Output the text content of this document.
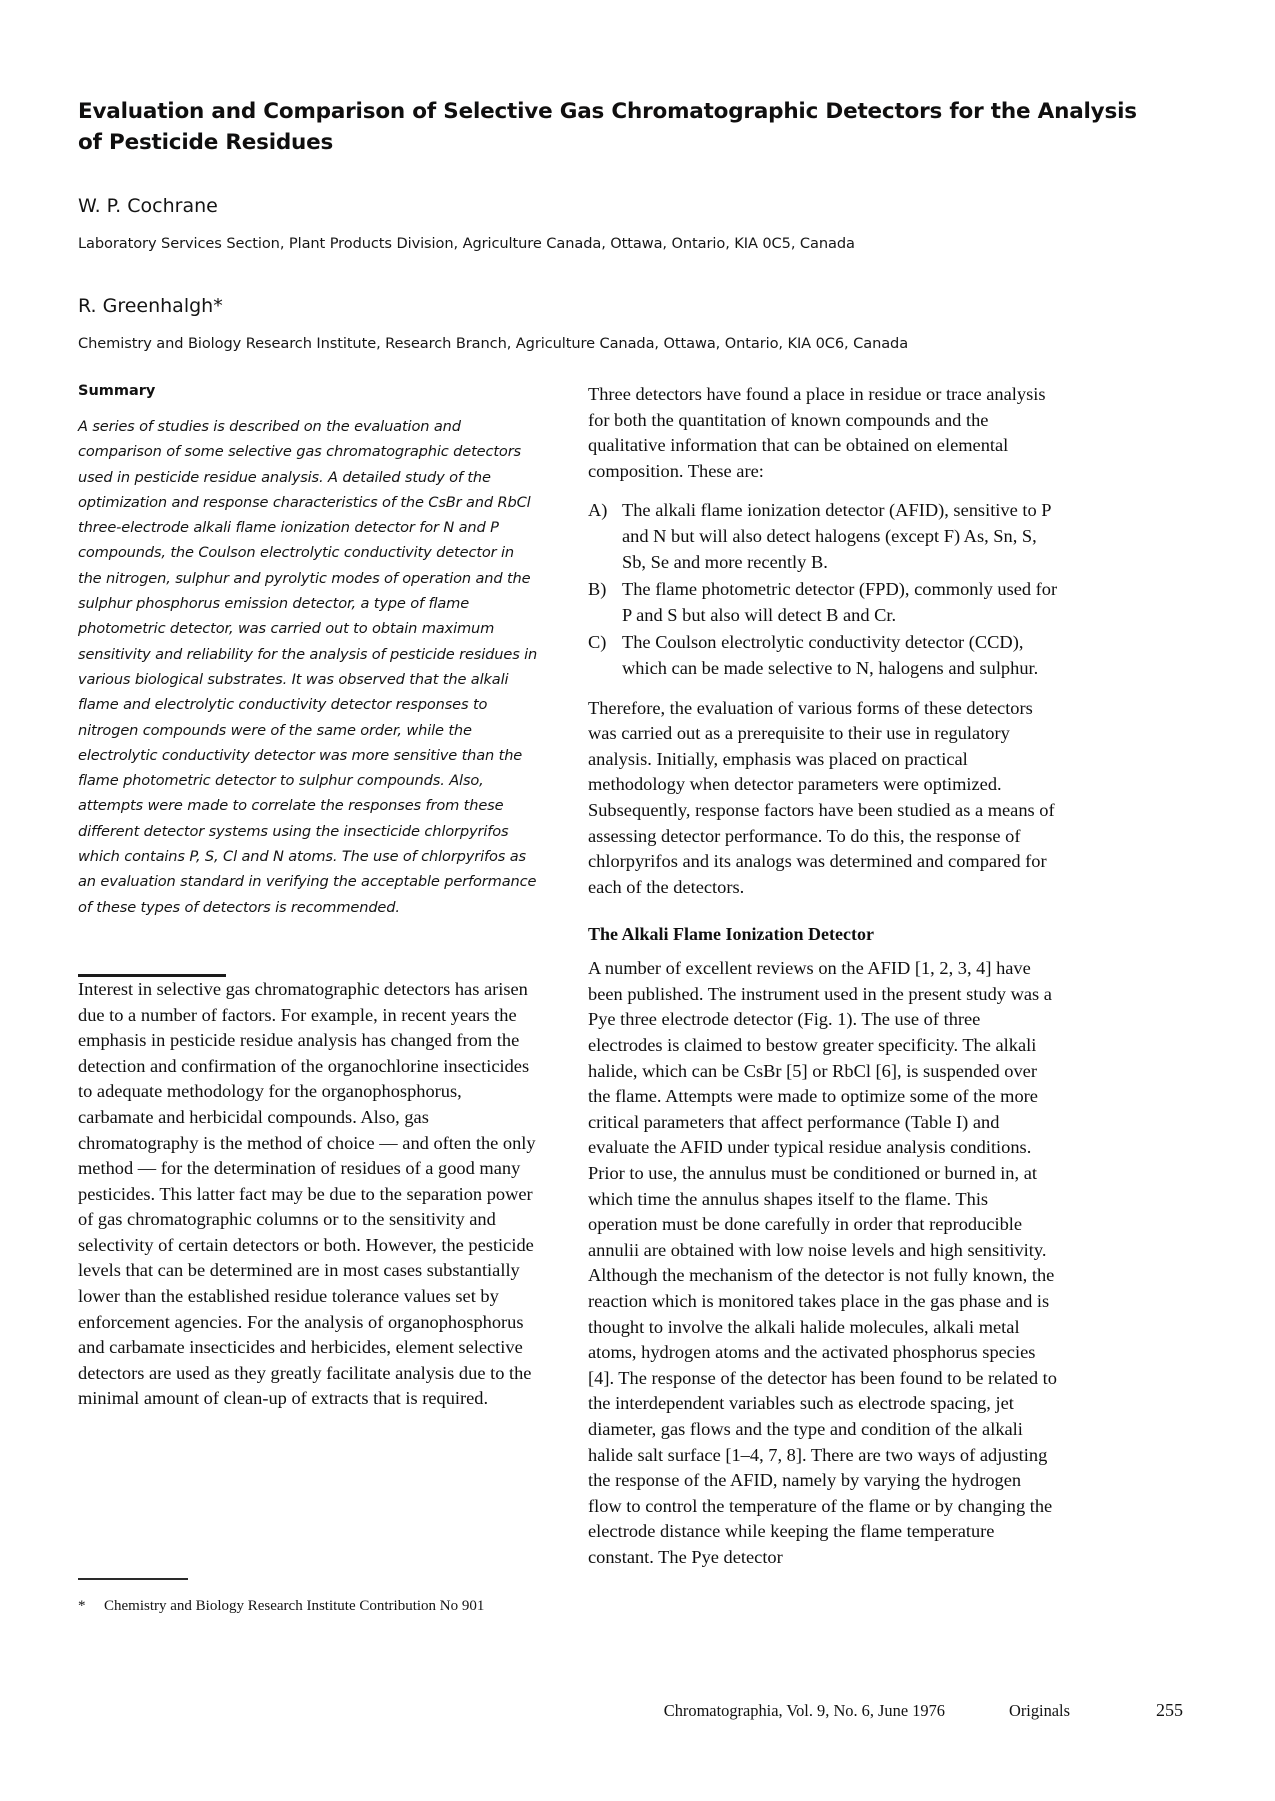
Evaluation and Comparison of Selective Gas Chromatographic Detectors for the Analysis of Pesticide Residues

W. P. Cochrane

Laboratory Services Section, Plant Products Division, Agriculture Canada, Ottawa, Ontario, KIA 0C5, Canada

R. Greenhalgh*

Chemistry and Biology Research Institute, Research Branch, Agriculture Canada, Ottawa, Ontario, KIA 0C6, Canada

Summary

A series of studies is described on the evaluation and comparison of some selective gas chromatographic detectors used in pesticide residue analysis. A detailed study of the optimization and response characteristics of the CsBr and RbCl three-electrode alkali flame ionization detector for N and P compounds, the Coulson electrolytic conductivity detector in the nitrogen, sulphur and pyrolytic modes of operation and the sulphur phosphorus emission detector, a type of flame photometric detector, was carried out to obtain maximum sensitivity and reliability for the analysis of pesticide residues in various biological substrates. It was observed that the alkali flame and electrolytic conductivity detector responses to nitrogen compounds were of the same order, while the electrolytic conductivity detector was more sensitive than the flame photometric detector to sulphur compounds. Also, attempts were made to correlate the responses from these different detector systems using the insecticide chlorpyrifos which contains P, S, Cl and N atoms. The use of chlorpyrifos as an evaluation standard in verifying the acceptable performance of these types of detectors is recommended.

Interest in selective gas chromatographic detectors has arisen due to a number of factors. For example, in recent years the emphasis in pesticide residue analysis has changed from the detection and confirmation of the organochlorine insecticides to adequate methodology for the organophosphorus, carbamate and herbicidal compounds. Also, gas chromatography is the method of choice — and often the only method — for the determination of residues of a good many pesticides. This latter fact may be due to the separation power of gas chromatographic columns or to the sensitivity and selectivity of certain detectors or both. However, the pesticide levels that can be determined are in most cases substantially lower than the established residue tolerance values set by enforcement agencies. For the analysis of organophosphorus and carbamate insecticides and herbicides, element selective detectors are used as they greatly facilitate analysis due to the minimal amount of clean-up of extracts that is required.

Three detectors have found a place in residue or trace analysis for both the quantitation of known compounds and the qualitative information that can be obtained on elemental composition. These are:

A) The alkali flame ionization detector (AFID), sensitive to P and N but will also detect halogens (except F) As, Sn, S, Sb, Se and more recently B.
B) The flame photometric detector (FPD), commonly used for P and S but also will detect B and Cr.
C) The Coulson electrolytic conductivity detector (CCD), which can be made selective to N, halogens and sulphur.

Therefore, the evaluation of various forms of these detectors was carried out as a prerequisite to their use in regulatory analysis. Initially, emphasis was placed on practical methodology when detector parameters were optimized. Subsequently, response factors have been studied as a means of assessing detector performance. To do this, the response of chlorpyrifos and its analogs was determined and compared for each of the detectors.

The Alkali Flame Ionization Detector

A number of excellent reviews on the AFID [1, 2, 3, 4] have been published. The instrument used in the present study was a Pye three electrode detector (Fig. 1). The use of three electrodes is claimed to bestow greater specificity. The alkali halide, which can be CsBr [5] or RbCl [6], is suspended over the flame. Attempts were made to optimize some of the more critical parameters that affect performance (Table I) and evaluate the AFID under typical residue analysis conditions. Prior to use, the annulus must be conditioned or burned in, at which time the annulus shapes itself to the flame. This operation must be done carefully in order that reproducible annulii are obtained with low noise levels and high sensitivity. Although the mechanism of the detector is not fully known, the reaction which is monitored takes place in the gas phase and is thought to involve the alkali halide molecules, alkali metal atoms, hydrogen atoms and the activated phosphorus species [4]. The response of the detector has been found to be related to the interdependent variables such as electrode spacing, jet diameter, gas flows and the type and condition of the alkali halide salt surface [1–4, 7, 8]. There are two ways of adjusting the response of the AFID, namely by varying the hydrogen flow to control the temperature of the flame or by changing the electrode distance while keeping the flame temperature constant. The Pye detector

*	Chemistry and Biology Research Institute Contribution No 901
Chromatographia, Vol. 9, No. 6, June 1976	Originals	255
